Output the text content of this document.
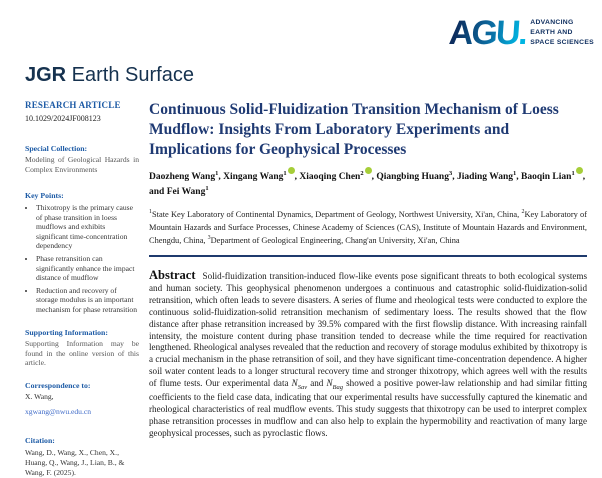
AGU. ADVANCING
EARTH AND
SPACE SCIENCES
JGR Earth Surface
RESEARCH ARTICLE
10.1029/2024JF008123
Special Collection:
Modeling of Geological Hazards in Complex Environments
Key Points:
• Thixotropy is the primary cause of phase transition in loess mudflows and exhibits significant time-concentration dependency
• Phase retransition can significantly enhance the impact distance of mudflow
• Reduction and recovery of storage modulus is an important mechanism for phase retransition
Supporting Information:
Supporting Information may be found in the online version of this article.
Correspondence to:
X. Wang,
xgwang@nwu.edu.cn
Citation:
Wang, D., Wang, X., Chen, X., Huang, Q., Wang, J., Lian, B., & Wang, F. (2025).
Continuous Solid-Fluidization Transition Mechanism of Loess Mudflow: Insights From Laboratory Experiments and Implications for Geophysical Processes
Daozheng Wang$^1$, Xingang Wang$^1$ , Xiaoqing Chen$^2$ , Qiangbing Huang$^3$, Jiading Wang$^1$, Baoqin Lian$^1$ , and Fei Wang$^1$
$^1$State Key Laboratory of Continental Dynamics, Department of Geology, Northwest University, Xi'an, China, $^2$Key Laboratory of Mountain Hazards and Surface Processes, Chinese Academy of Sciences (CAS), Institute of Mountain Hazards and Environment, Chengdu, China, $^3$Department of Geological Engineering, Chang'an University, Xi'an, China
Abstract Solid-fluidization transition-induced flow-like events pose significant threats to both ecological systems and human society. This geophysical phenomenon undergoes a continuous and catastrophic solid-fluidization-solid retransition, which often leads to severe disasters. A series of flume and rheological tests were conducted to explore the continuous solid-fluidization-solid retransition mechanism of sedimentary loess. The results showed that the flow distance after phase retransition increased by 39.5% compared with the first flowslip distance. With increasing rainfall intensity, the moisture content during phase transition tended to decrease while the time required for reactivation lengthened. Rheological analyses revealed that the reduction and recovery of storage modulus exhibited by thixotropy is a crucial mechanism in the phase retransition of soil, and they have significant time-concentration dependence. A higher soil water content leads to a longer structural recovery time and stronger thixotropy, which agrees well with the results of flume tests. Our experimental data $N_{Sav}$ and $N_{Bag}$ showed a positive power-law relationship and had similar fitting coefficients to the field case data, indicating that our experimental results have successfully captured the kinematic and rheological characteristics of real mudflow events. This study suggests that thixotropy can be used to interpret complex phase retransition processes in mudflow and can also help to explain the hypermobility and reactivation of many large geophysical processes, such as pyroclastic flows.
